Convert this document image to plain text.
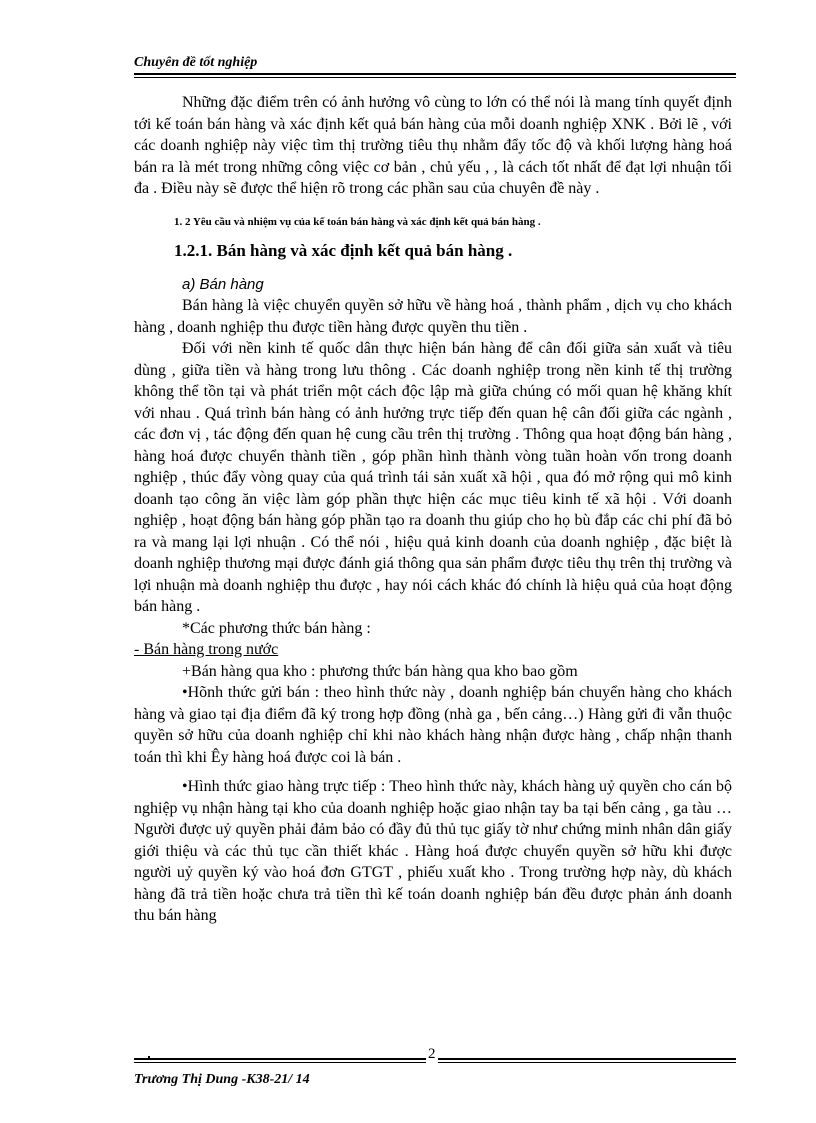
Chuyên đề tốt nghiệp

Những đặc điểm trên có ảnh hưởng vô cùng to lớn có thể nói là mang tính quyết định tới kế toán bán hàng và xác định kết quả bán hàng của mỗi doanh nghiệp XNK . Bởi lẽ , với các doanh nghiệp này việc tìm thị trường tiêu thụ nhằm đẩy tốc độ và khối lượng hàng hoá bán ra là mét trong những công việc cơ bản , chủ yếu , , là cách tốt nhất để đạt lợi nhuận tối đa . Điều này sẽ được thể hiện rõ trong các phần sau của chuyên đề này .

1. 2 Yêu cầu và nhiệm vụ của kế toán bán hàng và xác định kết quả bán hàng .

1.2.1. Bán hàng và xác định kết quả bán hàng .

a) Bán hàng

Bán hàng là việc chuyển quyền sở hữu về hàng hoá , thành phẩm , dịch vụ cho khách hàng , doanh nghiệp thu được tiền hàng được quyền thu tiền .

Đối với nền kinh tế quốc dân thực hiện bán hàng để cân đối giữa sản xuất và tiêu dùng , giữa tiền và hàng trong lưu thông . Các doanh nghiệp trong nền kinh tế thị trường không thể tồn tại và phát triển một cách độc lập mà giữa chúng có mối quan hệ khăng khít với nhau . Quá trình bán hàng có ảnh hưởng trực tiếp đến quan hệ cân đối giữa các ngành , các đơn vị , tác động đến quan hệ cung cầu trên thị trường . Thông qua hoạt động bán hàng , hàng hoá được chuyển thành tiền , góp phần hình thành vòng tuần hoàn vốn trong doanh nghiệp , thúc đẩy vòng quay của quá trình tái sản xuất xã hội , qua đó mở rộng qui mô kinh doanh tạo công ăn việc làm góp phần thực hiện các mục tiêu kinh tế xã hội . Với doanh nghiệp , hoạt động bán hàng góp phần tạo ra doanh thu giúp cho họ bù đắp các chi phí đã bỏ ra và mang lại lợi nhuận . Có thể nói , hiệu quả kinh doanh của doanh nghiệp , đặc biệt là doanh nghiệp thương mại được đánh giá thông qua sản phẩm được tiêu thụ trên thị trường và lợi nhuận mà doanh nghiệp thu được , hay nói cách khác đó chính là hiệu quả của hoạt động bán hàng .

*Các phương thức bán hàng :

- Bán hàng trong nước

+Bán hàng qua kho : phương thức bán hàng qua kho bao gồm

•Hõnh thức gửi bán : theo hình thức này , doanh nghiệp bán chuyển hàng cho khách hàng và giao tại địa điểm đã ký trong hợp đồng (nhà ga , bến cảng…) Hàng gửi đi vẫn thuộc quyền sở hữu của doanh nghiệp chỉ khi nào khách hàng nhận được hàng , chấp nhận thanh toán thì khi Êy hàng hoá được coi là bán .

•Hình thức giao hàng trực tiếp : Theo hình thức này, khách hàng uỷ quyền cho cán bộ nghiệp vụ nhận hàng tại kho của doanh nghiệp hoặc giao nhận tay ba tại bến cảng , ga tàu … Người được uỷ quyền phải đảm bảo có đầy đủ thủ tục giấy tờ như chứng minh nhân dân giấy giới thiệu và các thủ tục cần thiết khác . Hàng hoá được chuyển quyền sở hữu khi được người uỷ quyền ký vào hoá đơn GTGT , phiếu xuất kho . Trong trường hợp này, dù khách hàng đã trả tiền hoặc chưa trả tiền thì kế toán doanh nghiệp bán đều được phản ánh doanh thu bán hàng

2
Trương Thị Dung -K38-21/ 14
